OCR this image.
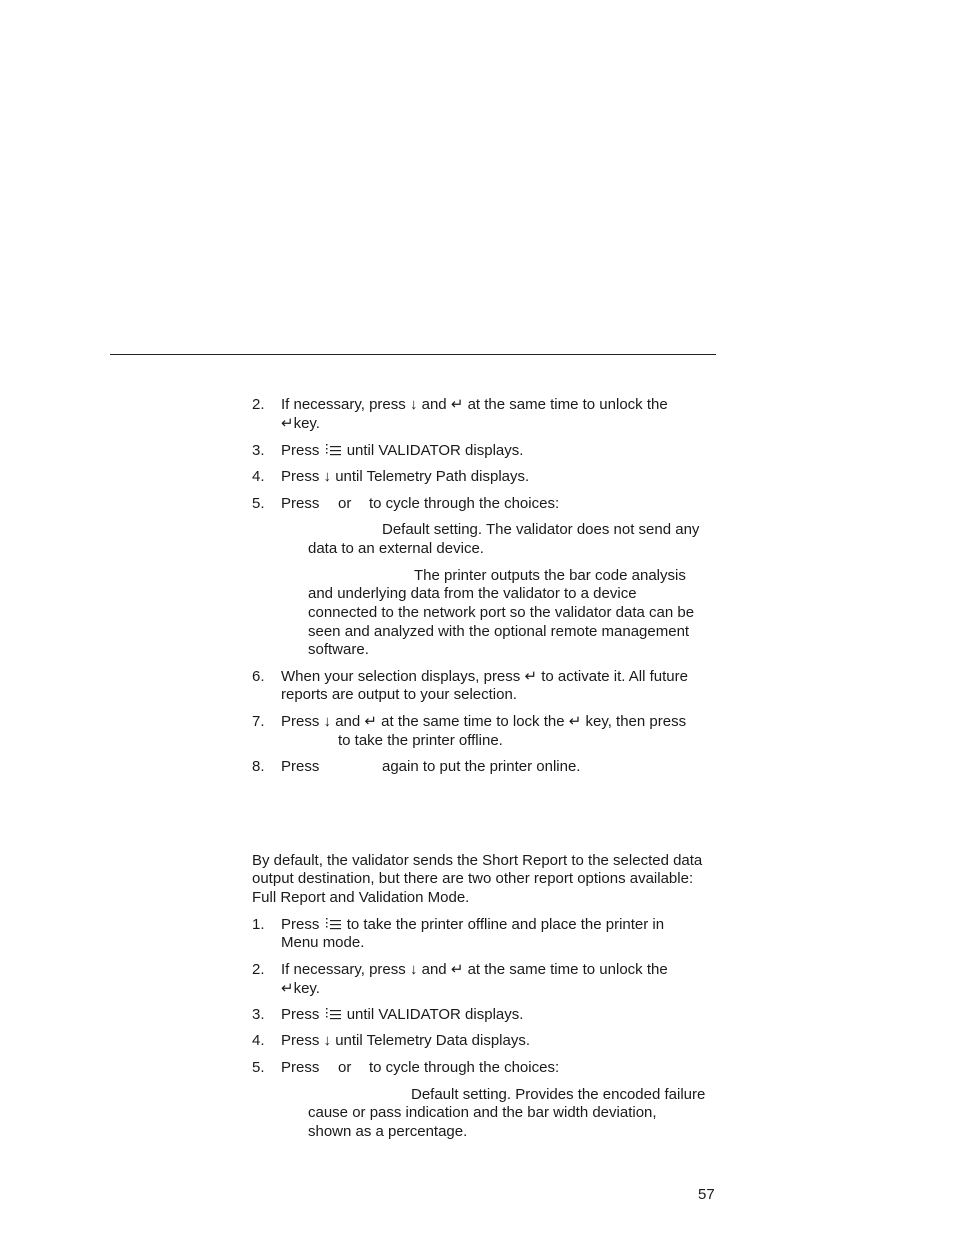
2. If necessary, press ↓ and ↵ at the same time to unlock the
↵key.
3. Press until VALIDATOR displays.
4. Press ↓ until Telemetry Path displays.
5. Press or to cycle through the choices:
Default setting. The validator does not send any
data to an external device.
The printer outputs the bar code analysis
and underlying data from the validator to a device
connected to the network port so the validator data can be
seen and analyzed with the optional remote management
software.
6. When your selection displays, press ↵ to activate it. All future
reports are output to your selection.
7. Press ↓ and ↵ at the same time to lock the ↵ key, then press
to take the printer offline.
8. Press	again to put the printer online.
By default, the validator sends the Short Report to the selected data
output destination, but there are two other report options available:
Full Report and Validation Mode.
1. Press to take the printer offline and place the printer in
Menu mode.
2. If necessary, press ↓ and ↵ at the same time to unlock the
↵key.
3. Press until VALIDATOR displays.
4. Press ↓ until Telemetry Data displays.
5. Press or to cycle through the choices:
Default setting. Provides the encoded failure
cause or pass indication and the bar width deviation,
shown as a percentage.
57
